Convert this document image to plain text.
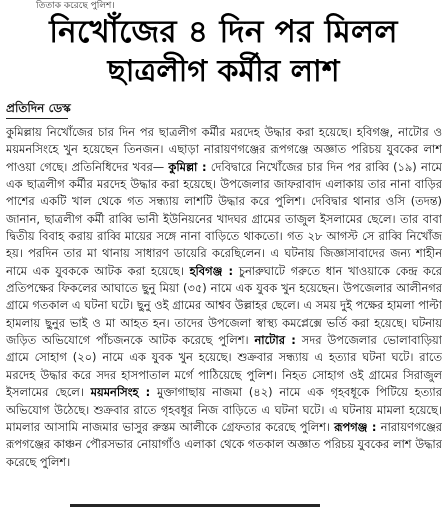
তিতাক করেছে পুলিশ।
নিখোঁজের ৪ দিন পর মিলল
ছাত্রলীগ কর্মীর লাশ
প্রতিদিন ডেস্ক
কুমিল্লায় নিখোঁজের চার দিন পর ছাত্রলীগ কর্মীর মরদেহ উদ্ধার করা হয়েছে। হবিগঞ্জ, নাটোর ও ময়মনসিংহে খুন হয়েছেন তিনজন। এছাড়া নারায়ণগঞ্জের রূপগঞ্জে অজ্ঞাত পরিচয় যুবকের লাশ পাওয়া গেছে। প্রতিনিধিদের খবর— কুমিল্লা : দেবিদ্বারে নিখোঁজের চার দিন পর রাব্বি (১৯) নামে এক ছাত্রলীগ কর্মীর মরদেহ উদ্ধার করা হয়েছে। উপজেলার জাফরাবাদ এলাকায় তার নানা বাড়ির পাশের একটি খাল থেকে গত সন্ধ্যায় লাশটি উদ্ধার করে পুলিশ। দেবিদ্বার থানার ওসি (তদন্ত) জানান, ছাত্রলীগ কর্মী রাব্বি ভানী ইউনিয়নের খাদঘর গ্রামের তাজুল ইসলামের ছেলে। তার বাবা দ্বিতীয় বিবাহ করায় রাব্বি মায়ের সঙ্গে নানা বাড়িতে থাকতো। গত ২৮ আগস্ট সে রাব্বি নিখোঁজ হয়। পরদিন তার মা থানায় সাধারণ ডায়েরি করেছিলেন। এ ঘটনায় জিজ্ঞাসাবাদের জন্য শাহীন নামে এক যুবককে আটক করা হয়েছে। হবিগঞ্জ : চুনারুঘাটে গরুতে ধান খাওয়াকে কেন্দ্র করে প্রতিপক্ষের ফিকলের আঘাতে ছুনু মিয়া (৩৫) নামে এক যুবক খুন হয়েছেন। উপজেলার আলীনগর গ্রামে গতকাল এ ঘটনা ঘটে। ছুনু ওই গ্রামের আশ্বব উল্লাহর ছেলে। এ সময় দুই পক্ষের হামলা পাল্টা হামলায় ছুনুর ভাই ও মা আহত হন। তাদের উপজেলা স্বাস্থ্য কমপ্লেক্সে ভর্তি করা হয়েছে। ঘটনায় জড়িত অভিযোগে পাঁচজনকে আটক করেছে পুলিশ। নাটোর : সদর উপজেলার ভোলাবাড়িয়া গ্রামে সোহাগ (২০) নামে এক যুবক খুন হয়েছে। শুক্রবার সন্ধ্যায় এ হত্যার ঘটনা ঘটে। রাতে মরদেহ উদ্ধার করে সদর হাসপাতাল মর্গে পাঠিয়েছে পুলিশ। নিহত সোহাগ ওই গ্রামের সিরাজুল ইসলামের ছেলে। ময়মনসিংহ : মুক্তাগাছায় নাজমা (৪২) নামে এক গৃহবধূকে পিটিয়ে হত্যার অভিযোগ উঠেছে। শুক্রবার রাতে গৃহবধূর নিজ বাড়িতে এ ঘটনা ঘটে। এ ঘটনায় মামলা হয়েছে। মামলার আসামি নাজমার ভাসুর রুস্তম আলীকে গ্রেফতার করেছে পুলিশ। রূপগঞ্জ : নারায়ণগঞ্জের রূপগঞ্জের কাঞ্চন পৌরসভার নোয়াগাঁও এলাকা থেকে গতকাল অজ্ঞাত পরিচয় যুবকের লাশ উদ্ধার করেছে পুলিশ।
